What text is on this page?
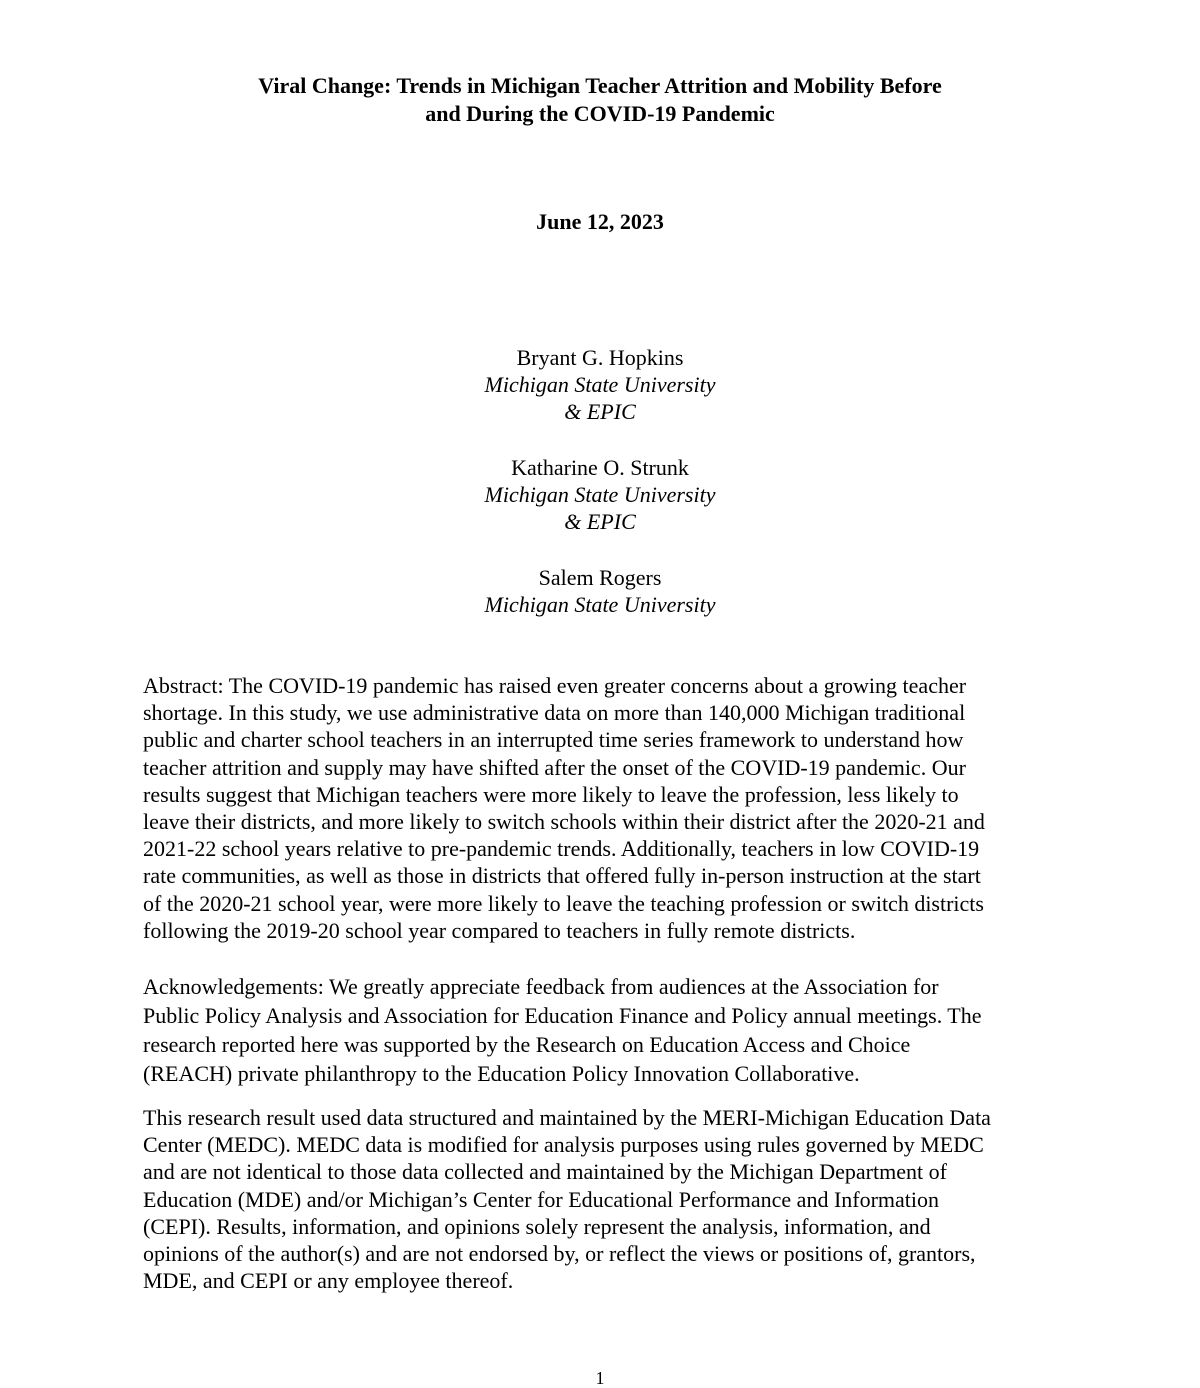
Viral Change: Trends in Michigan Teacher Attrition and Mobility Before
and During the COVID-19 Pandemic
June 12, 2023
Bryant G. Hopkins
Michigan State University
& EPIC
Katharine O. Strunk
Michigan State University
& EPIC
Salem Rogers
Michigan State University
Abstract: The COVID-19 pandemic has raised even greater concerns about a growing teacher
shortage. In this study, we use administrative data on more than 140,000 Michigan traditional
public and charter school teachers in an interrupted time series framework to understand how
teacher attrition and supply may have shifted after the onset of the COVID-19 pandemic. Our
results suggest that Michigan teachers were more likely to leave the profession, less likely to
leave their districts, and more likely to switch schools within their district after the 2020-21 and
2021-22 school years relative to pre-pandemic trends. Additionally, teachers in low COVID-19
rate communities, as well as those in districts that offered fully in-person instruction at the start
of the 2020-21 school year, were more likely to leave the teaching profession or switch districts
following the 2019-20 school year compared to teachers in fully remote districts.
Acknowledgements: We greatly appreciate feedback from audiences at the Association for
Public Policy Analysis and Association for Education Finance and Policy annual meetings. The
research reported here was supported by the Research on Education Access and Choice
(REACH) private philanthropy to the Education Policy Innovation Collaborative.
This research result used data structured and maintained by the MERI-Michigan Education Data
Center (MEDC). MEDC data is modified for analysis purposes using rules governed by MEDC
and are not identical to those data collected and maintained by the Michigan Department of
Education (MDE) and/or Michigan’s Center for Educational Performance and Information
(CEPI). Results, information, and opinions solely represent the analysis, information, and
opinions of the author(s) and are not endorsed by, or reflect the views or positions of, grantors,
MDE, and CEPI or any employee thereof.
1
